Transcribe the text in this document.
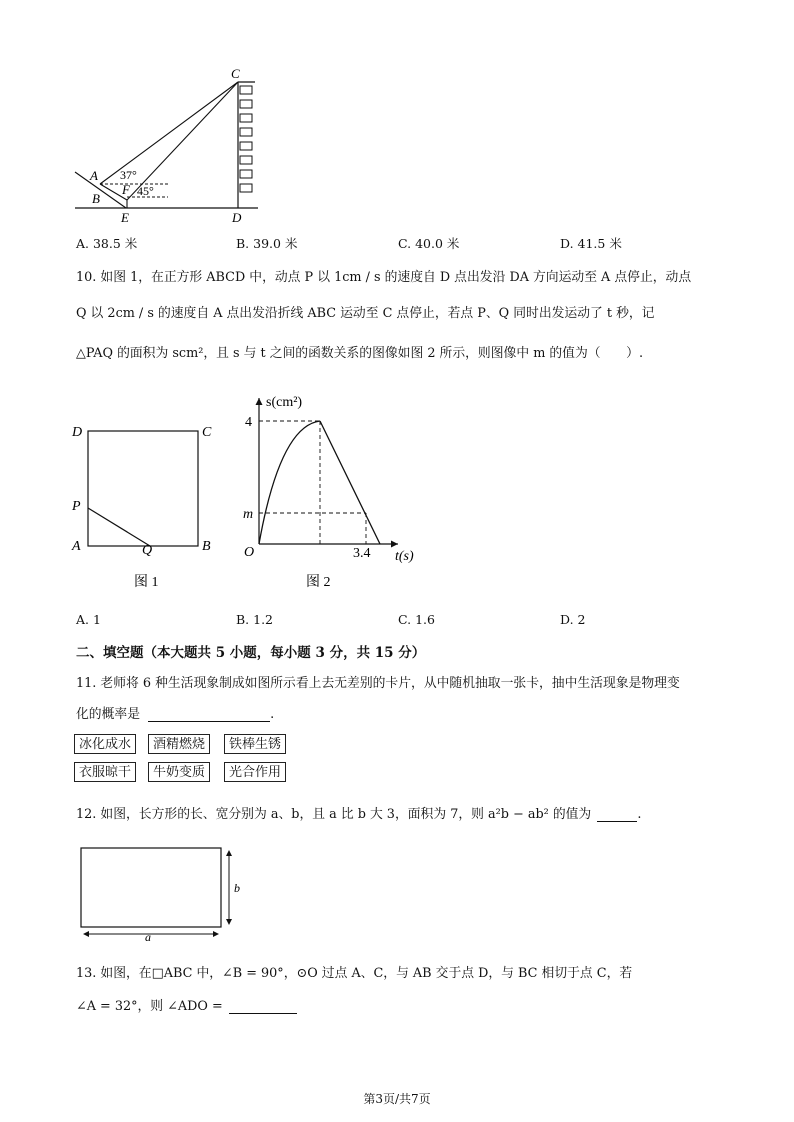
C
A
B
F
E	D
37°
45°
A. 38.5 米	B. 39.0 米	C. 40.0 米	D. 41.5 米
10. 如图 1，在正方形 ABCD 中，动点 P 以 1cm / s 的速度自 D 点出发沿 DA 方向运动至 A 点停止，动点
Q 以 2cm / s 的速度自 A 点出发沿折线 ABC 运动至 C 点停止，若点 P、Q 同时出发运动了 t 秒，记
△PAQ 的面积为 scm²，且 s 与 t 之间的函数关系的图像如图 2 所示，则图像中 m 的值为（　　）.
D	C
P
A	Q	B
图 1
s(cm²)
4
m
O	3.4 t(s)
图 2
A. 1	B. 1.2	C. 1.6	D. 2
二、填空题（本大题共 5 小题，每小题 3 分，共 15 分）
11. 老师将 6 种生活现象制成如图所示看上去无差别的卡片，从中随机抽取一张卡，抽中生活现象是物理变
化的概率是	.
冰化成水	酒精燃烧	铁棒生锈
衣服晾干	牛奶变质	光合作用
12. 如图，长方形的长、宽分别为 a、b，且 a 比 b 大 3，面积为 7，则 a²b − ab² 的值为	.
b
a
13. 如图，在□ABC 中，∠B = 90°，⊙O 过点 A、C，与 AB 交于点 D，与 BC 相切于点 C，若
∠A = 32°，则 ∠ADO =
第3页/共7页
